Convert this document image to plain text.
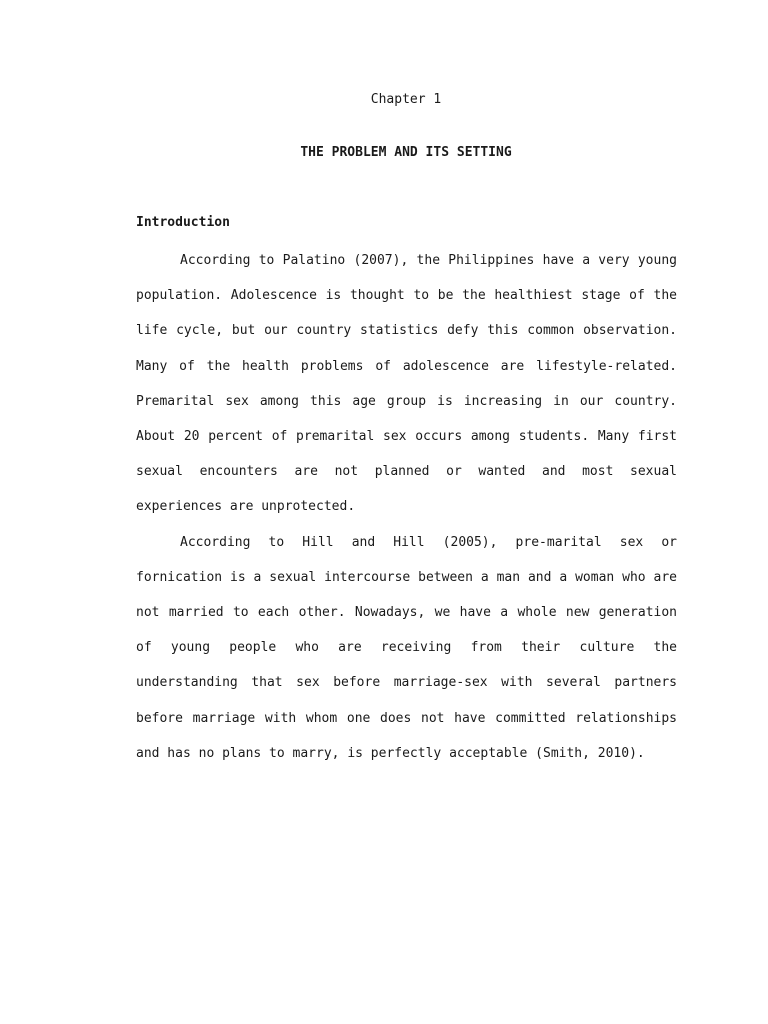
Chapter 1
THE PROBLEM AND ITS SETTING
Introduction

According to Palatino (2007), the Philippines have a very young population. Adolescence is thought to be the healthiest stage of the life cycle, but our country statistics defy this common observation. Many of the health problems of adolescence are lifestyle-related. Premarital sex among this age group is increasing in our country. About 20 percent of premarital sex occurs among students. Many first sexual encounters are not planned or wanted and most sexual experiences are unprotected.

According to Hill and Hill (2005), pre-marital sex or fornication is a sexual intercourse between a man and a woman who are not married to each other. Nowadays, we have a whole new generation of young people who are receiving from their culture the understanding that sex before marriage-sex with several partners before marriage with whom one does not have committed relationships and has no plans to marry, is perfectly acceptable (Smith, 2010).
